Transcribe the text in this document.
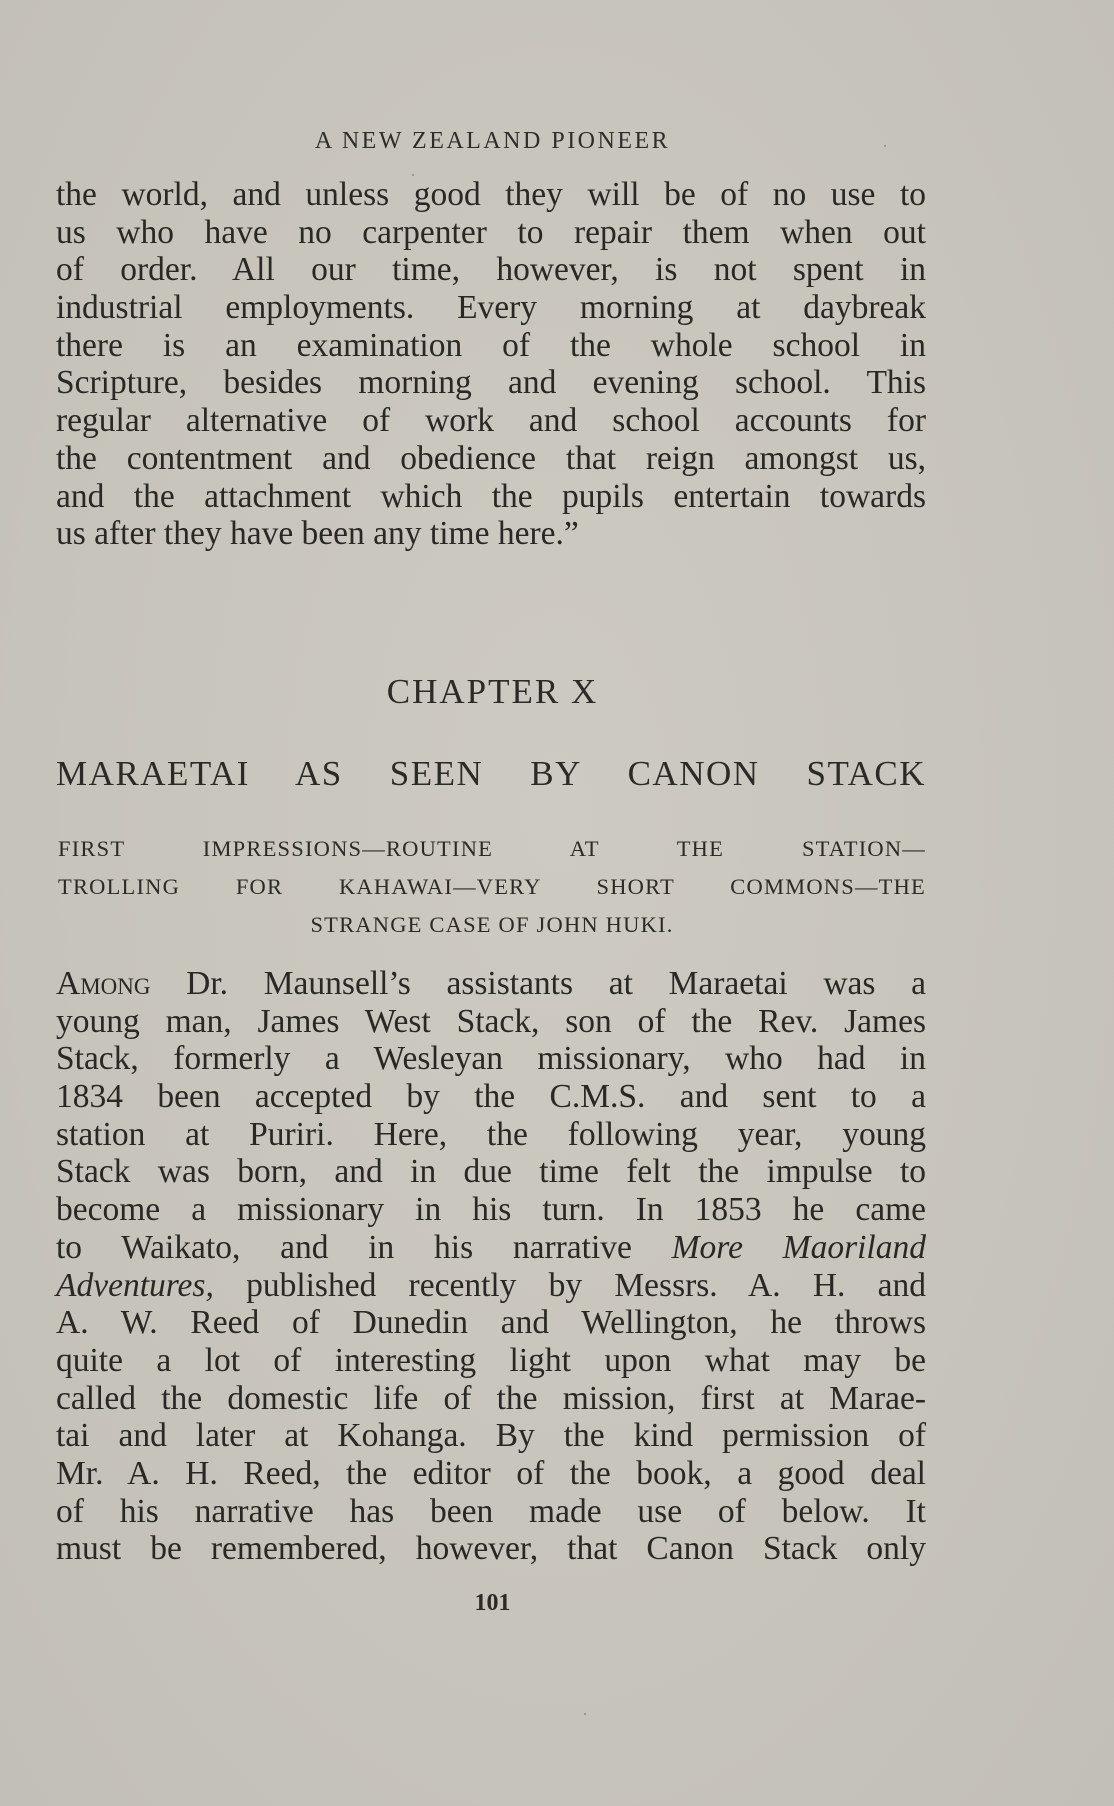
A NEW ZEALAND PIONEER
the world, and unless good they will be of no use to
us who have no carpenter to repair them when out
of order. All our time, however, is not spent in
industrial employments. Every morning at daybreak
there is an examination of the whole school in
Scripture, besides morning and evening school. This
regular alternative of work and school accounts for
the contentment and obedience that reign amongst us,
and the attachment which the pupils entertain towards
us after they have been any time here.”
CHAPTER X
MARAETAI AS SEEN BY CANON STACK
FIRST IMPRESSIONS—ROUTINE AT THE STATION—
TROLLING FOR KAHAWAI—VERY SHORT COMMONS—THE
STRANGE CASE OF JOHN HUKI.
Among Dr. Maunsell’s assistants at Maraetai was a
young man, James West Stack, son of the Rev. James
Stack, formerly a Wesleyan missionary, who had in
1834 been accepted by the C.M.S. and sent to a
station at Puriri. Here, the following year, young
Stack was born, and in due time felt the impulse to
become a missionary in his turn. In 1853 he came
to Waikato, and in his narrative More Maoriland
Adventures, published recently by Messrs. A. H. and
A. W. Reed of Dunedin and Wellington, he throws
quite a lot of interesting light upon what may be
called the domestic life of the mission, first at Marae-
tai and later at Kohanga. By the kind permission of
Mr. A. H. Reed, the editor of the book, a good deal
of his narrative has been made use of below. It
must be remembered, however, that Canon Stack only
101
